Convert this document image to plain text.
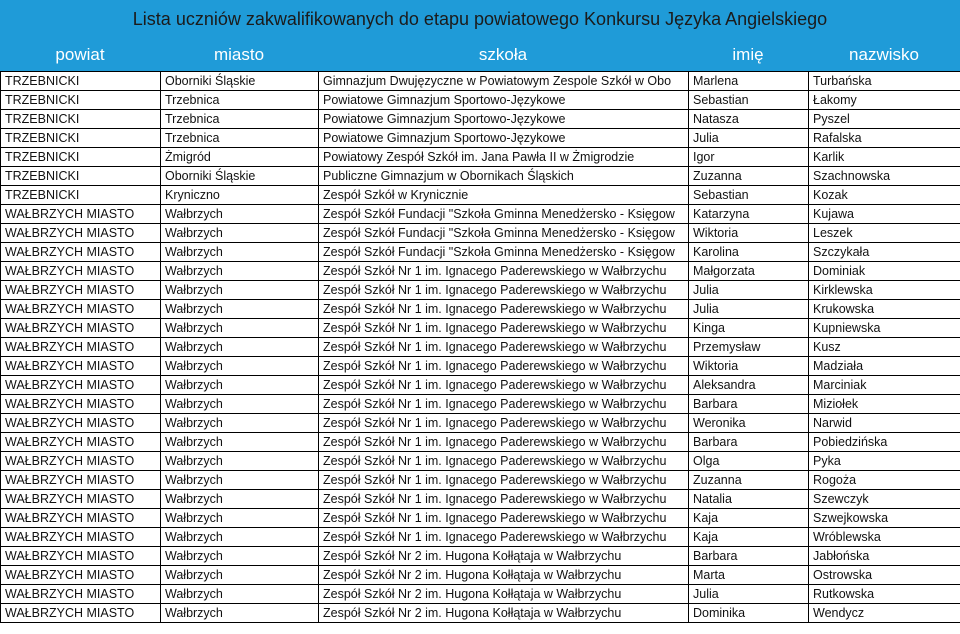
Lista uczniów zakwalifikowanych do etapu powiatowego Konkursu Języka Angielskiego
powiat	miasto	szkoła	imię	nazwisko
TRZEBNICKI	Oborniki Śląskie	Gimnazjum Dwujęzyczne w Powiatowym Zespole Szkół w Obo	Marlena	Turbańska
TRZEBNICKI	Trzebnica	Powiatowe Gimnazjum Sportowo-Językowe	Sebastian	Łakomy
TRZEBNICKI	Trzebnica	Powiatowe Gimnazjum Sportowo-Językowe	Natasza	Pyszel
TRZEBNICKI	Trzebnica	Powiatowe Gimnazjum Sportowo-Językowe	Julia	Rafalska
TRZEBNICKI	Żmigród	Powiatowy Zespół Szkół im. Jana Pawła II w Żmigrodzie	Igor	Karlik
TRZEBNICKI	Oborniki Śląskie	Publiczne Gimnazjum w Obornikach Śląskich	Zuzanna	Szachnowska
TRZEBNICKI	Kryniczno	Zespół Szkół w Krynicznie	Sebastian	Kozak
WAŁBRZYCH MIASTO	Wałbrzych	Zespół Szkół Fundacji "Szkoła Gminna Menedżersko - Księgow	Katarzyna	Kujawa
WAŁBRZYCH MIASTO	Wałbrzych	Zespół Szkół Fundacji "Szkoła Gminna Menedżersko - Księgow	Wiktoria	Leszek
WAŁBRZYCH MIASTO	Wałbrzych	Zespół Szkół Fundacji "Szkoła Gminna Menedżersko - Księgow	Karolina	Szczykała
WAŁBRZYCH MIASTO	Wałbrzych	Zespół Szkół Nr 1 im. Ignacego Paderewskiego w Wałbrzychu	Małgorzata	Dominiak
WAŁBRZYCH MIASTO	Wałbrzych	Zespół Szkół Nr 1 im. Ignacego Paderewskiego w Wałbrzychu	Julia	Kirklewska
WAŁBRZYCH MIASTO	Wałbrzych	Zespół Szkół Nr 1 im. Ignacego Paderewskiego w Wałbrzychu	Julia	Krukowska
WAŁBRZYCH MIASTO	Wałbrzych	Zespół Szkół Nr 1 im. Ignacego Paderewskiego w Wałbrzychu	Kinga	Kupniewska
WAŁBRZYCH MIASTO	Wałbrzych	Zespół Szkół Nr 1 im. Ignacego Paderewskiego w Wałbrzychu	Przemysław	Kusz
WAŁBRZYCH MIASTO	Wałbrzych	Zespół Szkół Nr 1 im. Ignacego Paderewskiego w Wałbrzychu	Wiktoria	Madziała
WAŁBRZYCH MIASTO	Wałbrzych	Zespół Szkół Nr 1 im. Ignacego Paderewskiego w Wałbrzychu	Aleksandra	Marciniak
WAŁBRZYCH MIASTO	Wałbrzych	Zespół Szkół Nr 1 im. Ignacego Paderewskiego w Wałbrzychu	Barbara	Miziołek
WAŁBRZYCH MIASTO	Wałbrzych	Zespół Szkół Nr 1 im. Ignacego Paderewskiego w Wałbrzychu	Weronika	Narwid
WAŁBRZYCH MIASTO	Wałbrzych	Zespół Szkół Nr 1 im. Ignacego Paderewskiego w Wałbrzychu	Barbara	Pobiedzińska
WAŁBRZYCH MIASTO	Wałbrzych	Zespół Szkół Nr 1 im. Ignacego Paderewskiego w Wałbrzychu	Olga	Pyka
WAŁBRZYCH MIASTO	Wałbrzych	Zespół Szkół Nr 1 im. Ignacego Paderewskiego w Wałbrzychu	Zuzanna	Rogoża
WAŁBRZYCH MIASTO	Wałbrzych	Zespół Szkół Nr 1 im. Ignacego Paderewskiego w Wałbrzychu	Natalia	Szewczyk
WAŁBRZYCH MIASTO	Wałbrzych	Zespół Szkół Nr 1 im. Ignacego Paderewskiego w Wałbrzychu	Kaja	Szwejkowska
WAŁBRZYCH MIASTO	Wałbrzych	Zespół Szkół Nr 1 im. Ignacego Paderewskiego w Wałbrzychu	Kaja	Wróblewska
WAŁBRZYCH MIASTO	Wałbrzych	Zespół Szkół Nr 2 im. Hugona Kołłątaja w Wałbrzychu	Barbara	Jabłońska
WAŁBRZYCH MIASTO	Wałbrzych	Zespół Szkół Nr 2 im. Hugona Kołłątaja w Wałbrzychu	Marta	Ostrowska
WAŁBRZYCH MIASTO	Wałbrzych	Zespół Szkół Nr 2 im. Hugona Kołłątaja w Wałbrzychu	Julia	Rutkowska
WAŁBRZYCH MIASTO	Wałbrzych	Zespół Szkół Nr 2 im. Hugona Kołłątaja w Wałbrzychu	Dominika	Wendycz
